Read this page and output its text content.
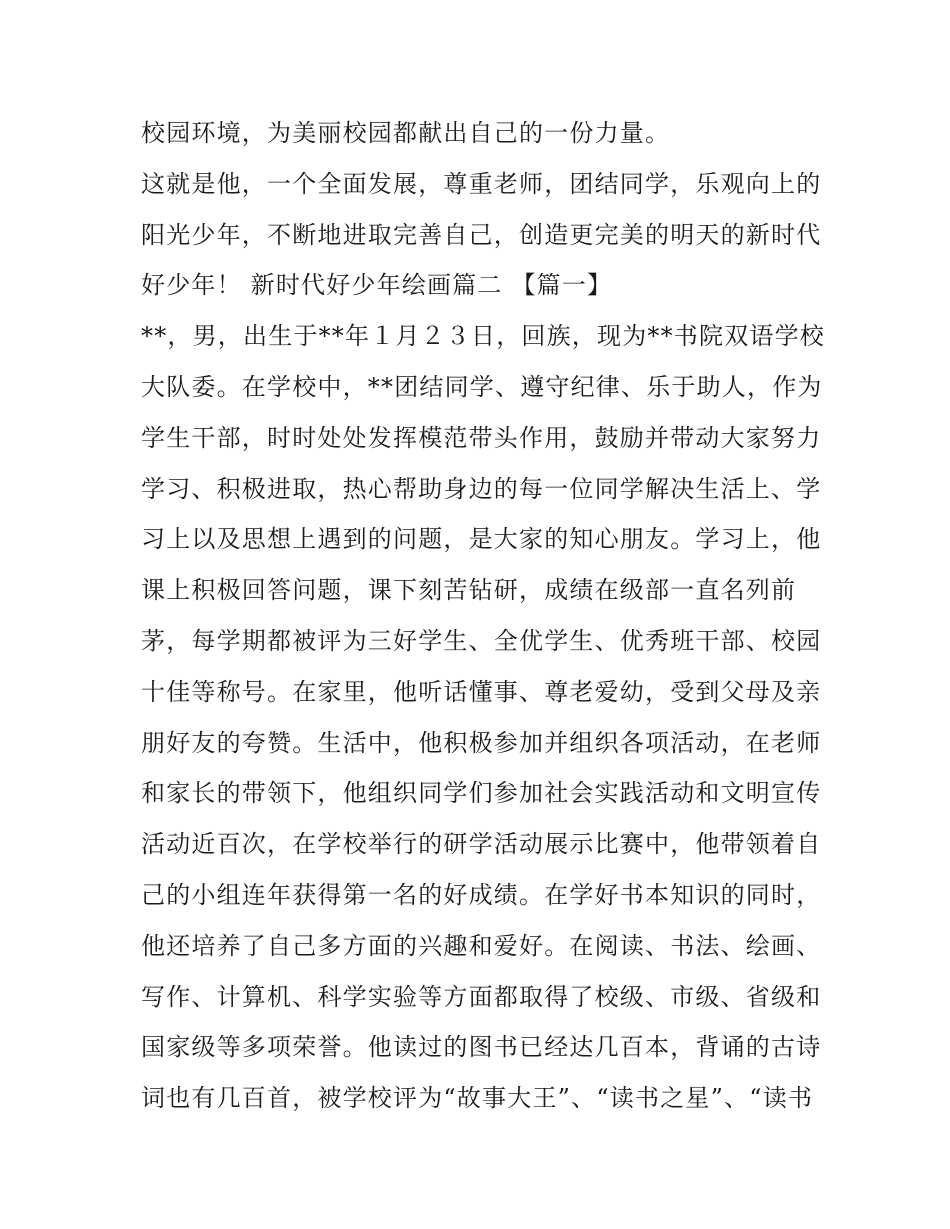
校园环境，为美丽校园都献出自己的一份力量。
这就是他，一个全面发展，尊重老师，团结同学，乐观向上的
阳光少年，不断地进取完善自己，创造更完美的明天的新时代
好少年！ 新时代好少年绘画篇二 【篇一】
**，男，出生于**年１月２３日，回族，现为**书院双语学校
大队委。在学校中，**团结同学、遵守纪律、乐于助人，作为
学生干部，时时处处发挥模范带头作用，鼓励并带动大家努力
学习、积极进取，热心帮助身边的每一位同学解决生活上、学
习上以及思想上遇到的问题，是大家的知心朋友。学习上，他
课上积极回答问题，课下刻苦钻研，成绩在级部一直名列前
茅，每学期都被评为三好学生、全优学生、优秀班干部、校园
十佳等称号。在家里，他听话懂事、尊老爱幼，受到父母及亲
朋好友的夸赞。生活中，他积极参加并组织各项活动，在老师
和家长的带领下，他组织同学们参加社会实践活动和文明宣传
活动近百次，在学校举行的研学活动展示比赛中，他带领着自
己的小组连年获得第一名的好成绩。在学好书本知识的同时，
他还培养了自己多方面的兴趣和爱好。在阅读、书法、绘画、
写作、计算机、科学实验等方面都取得了校级、市级、省级和
国家级等多项荣誉。他读过的图书已经达几百本，背诵的古诗
词也有几百首，被学校评为“故事大王”、“读书之星”、“读书
